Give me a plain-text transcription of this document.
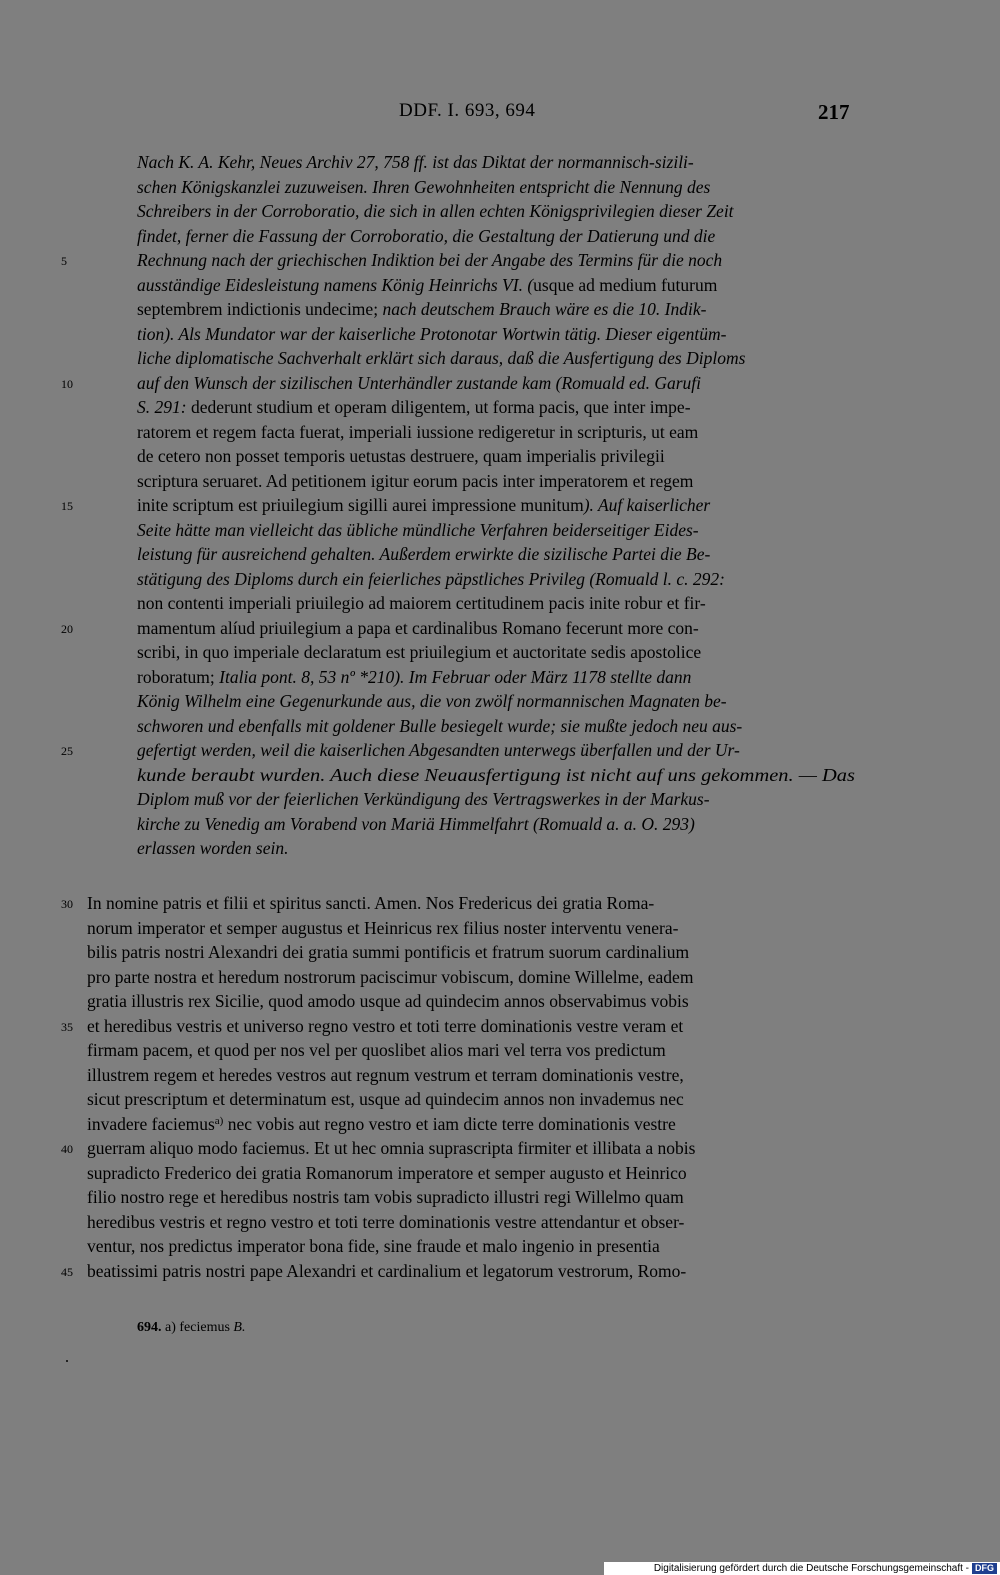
DDF. I. 693, 694	217
Nach K. A. Kehr, Neues Archiv 27, 758 ff. ist das Diktat der normannisch-sizili-
schen Königskanzlei zuzuweisen. Ihren Gewohnheiten entspricht die Nennung des
Schreibers in der Corroboratio, die sich in allen echten Königsprivilegien dieser Zeit
findet, ferner die Fassung der Corroboratio, die Gestaltung der Datierung und die
Rechnung nach der griechischen Indiktion bei der Angabe des Termins für die noch
5
ausständige Eidesleistung namens König Heinrichs VI. (usque ad medium futurum
septembrem indictionis undecime; nach deutschem Brauch wäre es die 10. Indik-
tion). Als Mundator war der kaiserliche Protonotar Wortwin tätig. Dieser eigentüm-
liche diplomatische Sachverhalt erklärt sich daraus, daß die Ausfertigung des Diploms
auf den Wunsch der sizilischen Unterhändler zustande kam (Romuald ed. Garufi
10
S. 291: dederunt studium et operam diligentem, ut forma pacis, que inter impe-
ratorem et regem facta fuerat, imperiali iussione redigeretur in scripturis, ut eam
de cetero non posset temporis uetustas destruere, quam imperialis privilegii
scriptura seruaret. Ad petitionem igitur eorum pacis inter imperatorem et regem
inite scriptum est priuilegium sigilli aurei impressione munitum). Auf kaiserlicher
15
Seite hätte man vielleicht das übliche mündliche Verfahren beiderseitiger Eides-
leistung für ausreichend gehalten. Außerdem erwirkte die sizilische Partei die Be-
stätigung des Diploms durch ein feierliches päpstliches Privileg (Romuald l. c. 292:
non contenti imperiali priuilegio ad maiorem certitudinem pacis inite robur et fir-
mamentum alíud priuilegium a papa et cardinalibus Romano fecerunt more con-
20
scribi, in quo imperiale declaratum est priuilegium et auctoritate sedis apostolice
roboratum; Italia pont. 8, 53 nº *210). Im Februar oder März 1178 stellte dann
König Wilhelm eine Gegenurkunde aus, die von zwölf normannischen Magnaten be-
schworen und ebenfalls mit goldener Bulle besiegelt wurde; sie mußte jedoch neu aus-
gefertigt werden, weil die kaiserlichen Abgesandten unterwegs überfallen und der Ur-
25
kunde beraubt wurden. Auch diese Neuausfertigung ist nicht auf uns gekommen. — Das
Diplom muß vor der feierlichen Verkündigung des Vertragswerkes in der Markus-
kirche zu Venedig am Vorabend von Mariä Himmelfahrt (Romuald a. a. O. 293)
erlassen worden sein.
In nomine patris et filii et spiritus sancti. Amen. Nos Fredericus dei gratia Roma-
30
norum imperator et semper augustus et Heinricus rex filius noster interventu venera-
bilis patris nostri Alexandri dei gratia summi pontificis et fratrum suorum cardinalium
pro parte nostra et heredum nostrorum paciscimur vobiscum, domine Willelme, eadem
gratia illustris rex Sicilie, quod amodo usque ad quindecim annos observabimus vobis
et heredibus vestris et universo regno vestro et toti terre dominationis vestre veram et
35
firmam pacem, et quod per nos vel per quoslibet alios mari vel terra vos predictum
illustrem regem et heredes vestros aut regnum vestrum et terram dominationis vestre,
sicut prescriptum et determinatum est, usque ad quindecim annos non invademus nec
invadere faciemus$^{a)}$ nec vobis aut regno vestro et iam dicte terre dominationis vestre
guerram aliquo modo faciemus. Et ut hec omnia suprascripta firmiter et illibata a nobis
40
supradicto Frederico dei gratia Romanorum imperatore et semper augusto et Heinrico
filio nostro rege et heredibus nostris tam vobis supradicto illustri regi Willelmo quam
heredibus vestris et regno vestro et toti terre dominationis vestre attendantur et obser-
ventur, nos predictus imperator bona fide, sine fraude et malo ingenio in presentia
beatissimi patris nostri pape Alexandri et cardinalium et legatorum vestrorum, Romo-
45
694. a) feciemus B.
Digitalisierung gefördert durch die Deutsche Forschungsgemeinschaft - DFG
